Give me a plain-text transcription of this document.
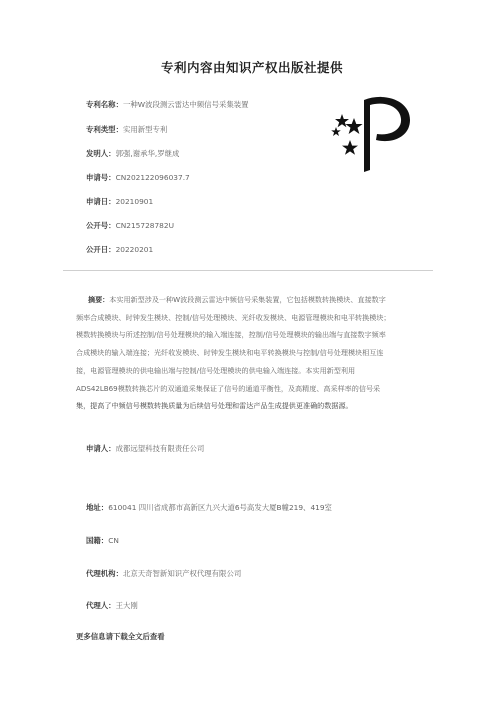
专利内容由知识产权出版社提供
专利名称：一种W波段测云雷达中频信号采集装置
专利类型：实用新型专利
发明人：郭强,谢承华,罗继成
申请号：CN202122096037.7
申请日：20210901
公开号：CN215728782U
公开日：20220201
摘要：本实用新型涉及一种W波段测云雷达中频信号采集装置，它包括模数转换模块、直接数字
频率合成模块、时钟发生模块、控制/信号处理模块、光纤收发模块、电源管理模块和电平转换模块；
模数转换模块与所述控制/信号处理模块的输入端连接，控制/信号处理模块的输出端与直接数字频率
合成模块的输入端连接；光纤收发模块、时钟发生模块和电平转换模块与控制/信号处理模块相互连
接，电源管理模块的供电输出端与控制/信号处理模块的供电输入端连接。本实用新型利用
ADS42LB69模数转换芯片的双通道采集保证了信号的通道平衡性，及高精度、高采样率的信号采
集，提高了中频信号模数转换质量为后续信号处理和雷达产品生成提供更准确的数据源。
申请人：成都远望科技有限责任公司
地址：610041 四川省成都市高新区九兴大道6号高发大厦B幢219、419室
国籍：CN
代理机构：北京天奇智新知识产权代理有限公司
代理人：王大刚
更多信息请下载全文后查看
